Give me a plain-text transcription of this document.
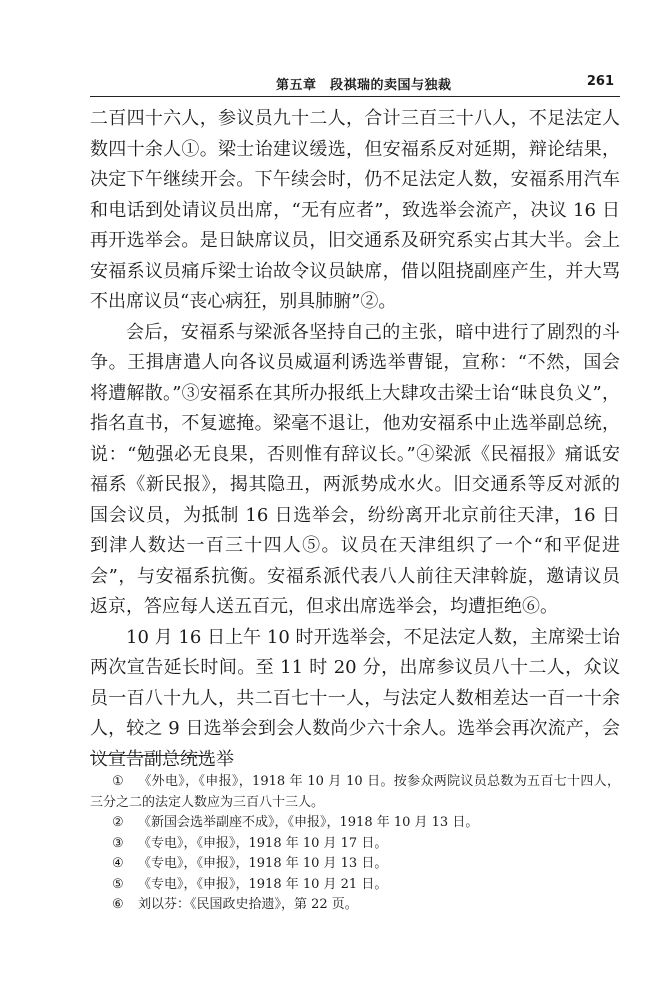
第五章　段祺瑞的卖国与独裁	261

二百四十六人，参议员九十二人，合计三百三十八人，不足法定人数四十余人①。梁士诒建议缓选，但安福系反对延期，辩论结果，决定下午继续开会。下午续会时，仍不足法定人数，安福系用汽车和电话到处请议员出席，“无有应者”，致选举会流产，决议 16 日再开选举会。是日缺席议员，旧交通系及研究系实占其大半。会上安福系议员痛斥梁士诒故令议员缺席，借以阻挠副座产生，并大骂不出席议员“丧心病狂，别具肺腑”②。

会后，安福系与梁派各坚持自己的主张，暗中进行了剧烈的斗争。王揖唐遣人向各议员威逼利诱选举曹锟，宣称：“不然，国会将遭解散。”③安福系在其所办报纸上大肆攻击梁士诒“昧良负义”，指名直书，不复遮掩。梁毫不退让，他劝安福系中止选举副总统，说：“勉强必无良果，否则惟有辞议长。”④梁派《民福报》痛诋安福系《新民报》，揭其隐丑，两派势成水火。旧交通系等反对派的国会议员，为抵制 16 日选举会，纷纷离开北京前往天津，16 日到津人数达一百三十四人⑤。议员在天津组织了一个“和平促进会”，与安福系抗衡。安福系派代表八人前往天津斡旋，邀请议员返京，答应每人送五百元，但求出席选举会，均遭拒绝⑥。

10 月 16 日上午 10 时开选举会，不足法定人数，主席梁士诒两次宣告延长时间。至 11 时 20 分，出席参议员八十二人，众议员一百八十九人，共二百七十一人，与法定人数相差达一百一十余人，较之 9 日选举会到会人数尚少六十余人。选举会再次流产，会议宣告副总统选举

① 《外电》，《申报》，1918 年 10 月 10 日。按参众两院议员总数为五百七十四人，三分之二的法定人数应为三百八十三人。

② 《新国会选举副座不成》，《申报》，1918 年 10 月 13 日。

③ 《专电》，《申报》，1918 年 10 月 17 日。

④ 《专电》，《申报》，1918 年 10 月 13 日。

⑤ 《专电》，《申报》，1918 年 10 月 21 日。

⑥ 刘以芬：《民国政史拾遗》，第 22 页。
